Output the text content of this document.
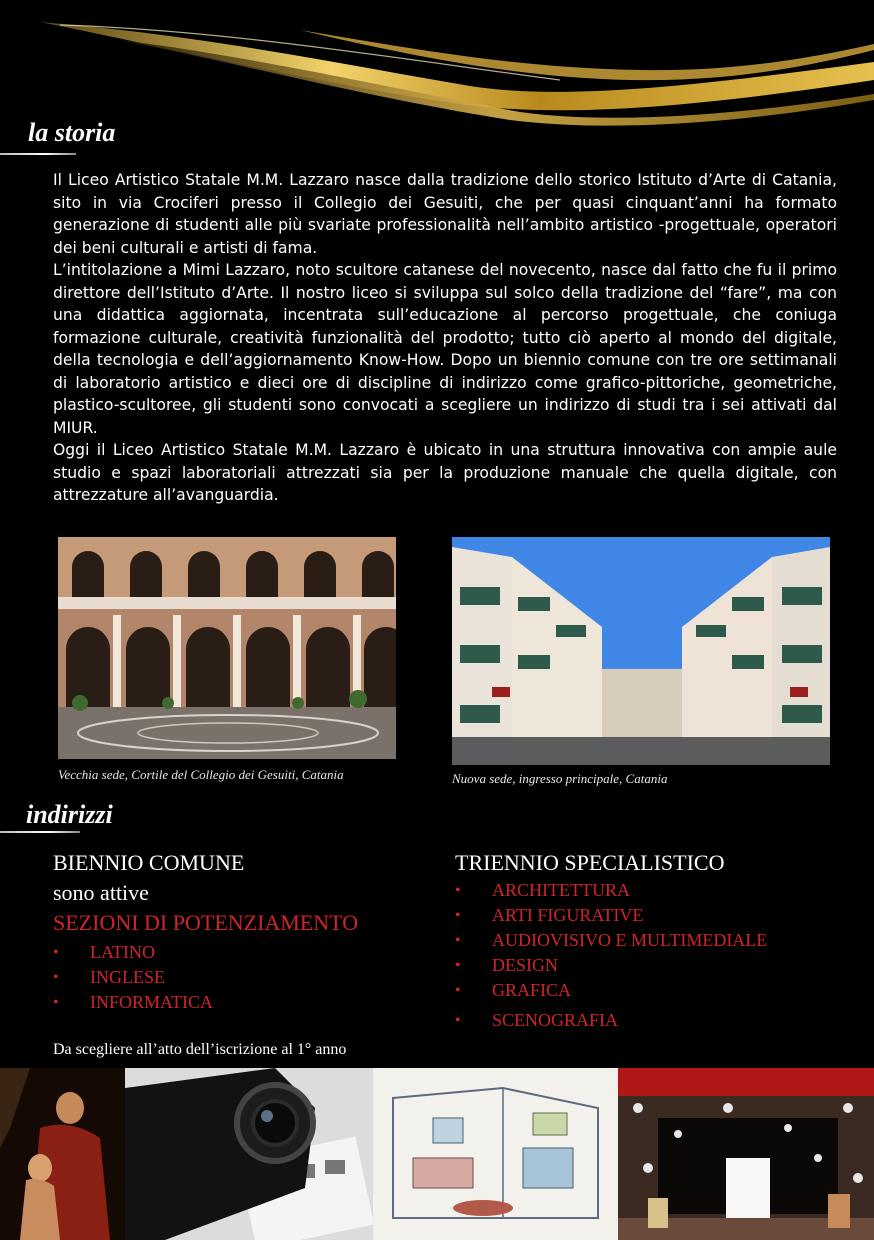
la storia

Il Liceo Artistico Statale M.M. Lazzaro nasce dalla tradizione dello storico Istituto d’Arte di Catania, sito in via Crociferi presso il Collegio dei Gesuiti, che per quasi cinquant’anni ha formato generazione di studenti alle più svariate professionalità nell’ambito artistico -progettuale, operatori dei beni culturali e artisti di fama.

L’intitolazione a Mimi Lazzaro, noto scultore catanese del novecento, nasce dal fatto che fu il primo direttore dell’Istituto d’Arte. Il nostro liceo si sviluppa sul solco della tradizione del “fare”, ma con una didattica aggiornata, incentrata sull’educazione al percorso progettuale, che coniuga formazione culturale, creatività funzionalità del prodotto; tutto ciò aperto al mondo del digitale, della tecnologia e dell’aggiornamento Know-How. Dopo un biennio comune con tre ore settimanali di laboratorio artistico e dieci ore di discipline di indirizzo come grafico-pittoriche, geometriche, plastico-scultoree, gli studenti sono convocati a scegliere un indirizzo di studi tra i sei attivati dal MIUR.

Oggi il Liceo Artistico Statale M.M. Lazzaro è ubicato in una struttura innovativa con ampie aule studio e spazi laboratoriali attrezzati sia per la produzione manuale che quella digitale, con attrezzature all’avanguardia.

Vecchia sede, Cortile del Collegio dei Gesuiti, Catania	Nuova sede, ingresso principale, Catania
indirizzi
BIENNIO COMUNE
sono attive
SEZIONI DI POTENZIAMENTO
• LATINO
• INGLESE
• INFORMATICA
Da scegliere all’atto dell’iscrizione al 1° anno
TRIENNIO SPECIALISTICO
• ARCHITETTURA
• ARTI FIGURATIVE
• AUDIOVISIVO E MULTIMEDIALE
• DESIGN
• GRAFICA
• SCENOGRAFIA
